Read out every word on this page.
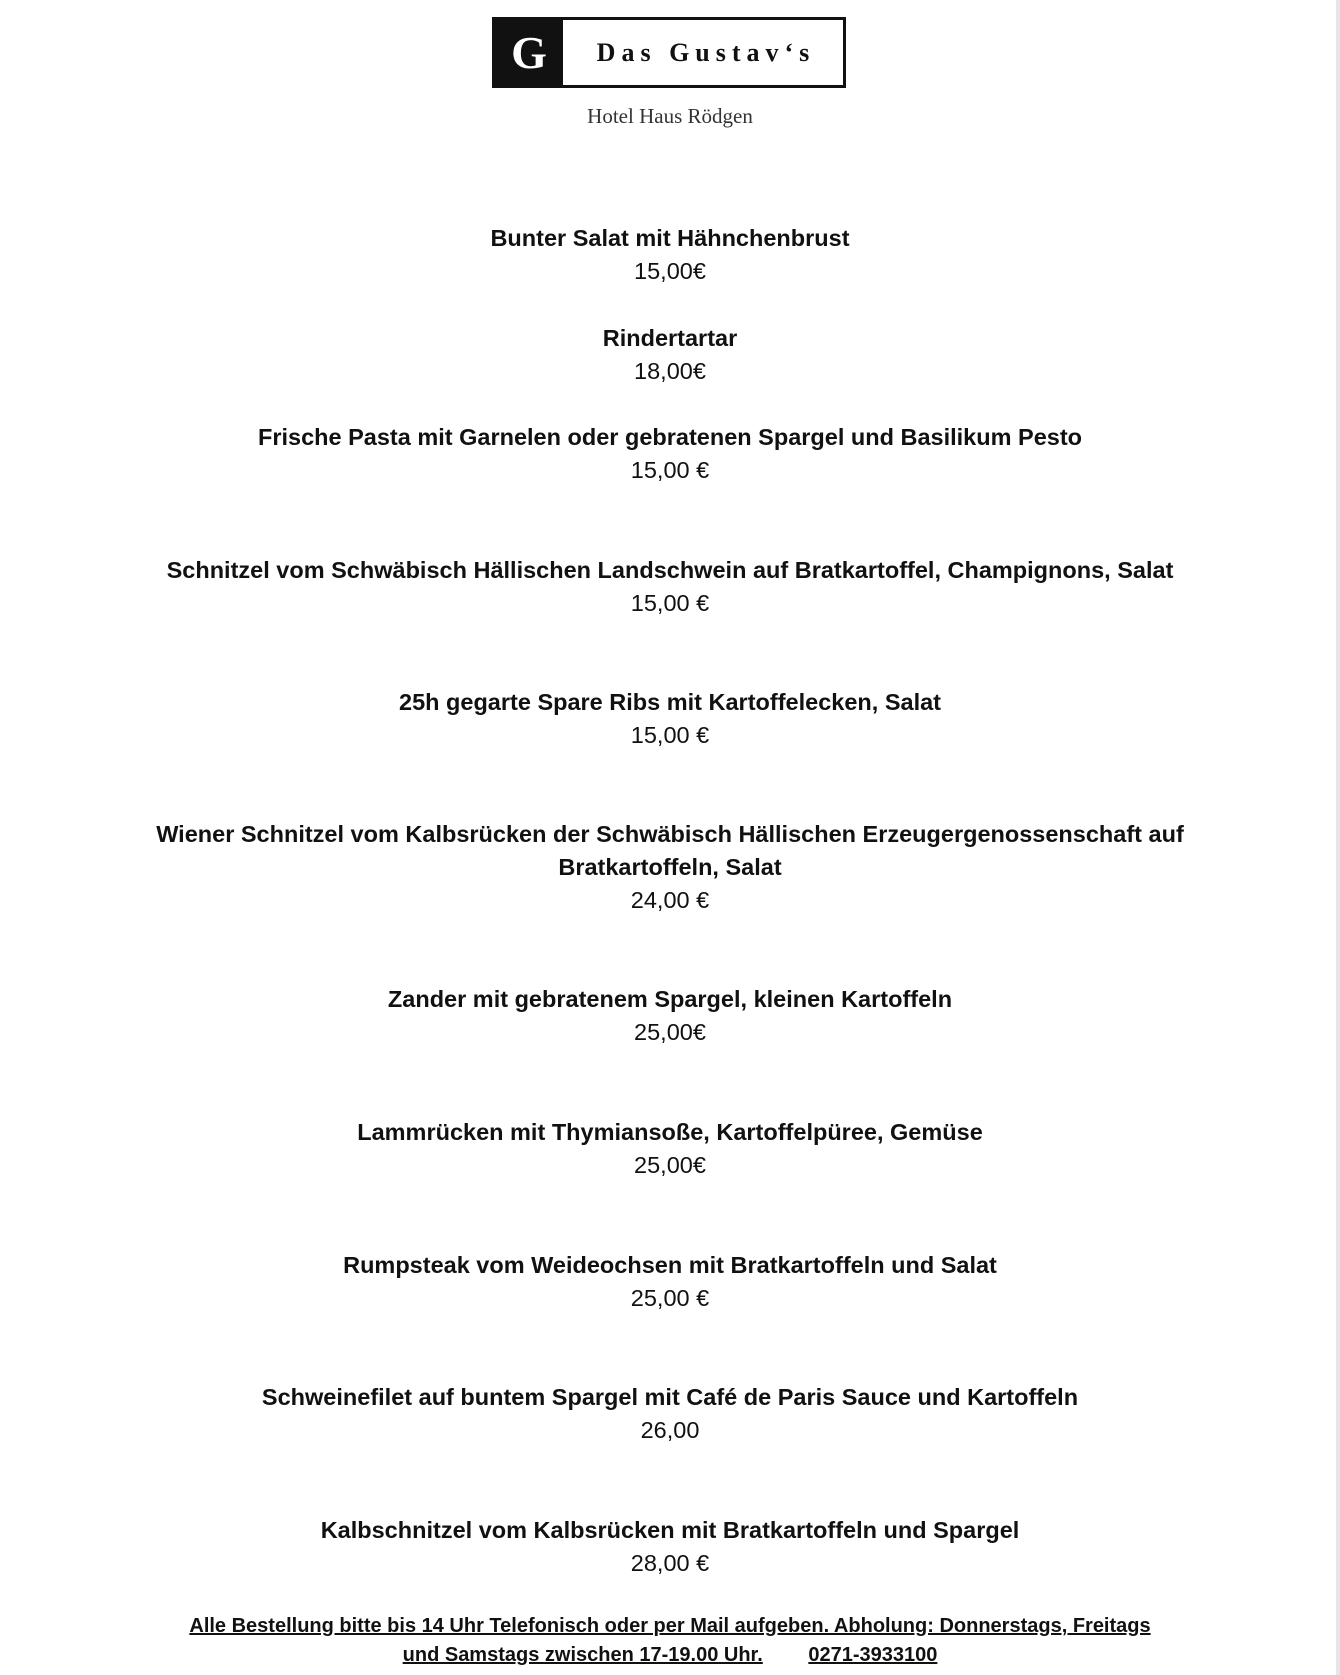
G	Das Gustav‘s
Hotel Haus Rödgen
Bunter Salat mit Hähnchenbrust
15,00€
Rindertartar
18,00€
Frische Pasta mit Garnelen oder gebratenen Spargel und Basilikum Pesto
15,00 €
Schnitzel vom Schwäbisch Hällischen Landschwein auf Bratkartoffel, Champignons, Salat
15,00 €
25h gegarte Spare Ribs mit Kartoffelecken, Salat
15,00 €
Wiener Schnitzel vom Kalbsrücken der Schwäbisch Hällischen Erzeugergenossenschaft auf
Bratkartoffeln, Salat
24,00 €
Zander mit gebratenem Spargel, kleinen Kartoffeln
25,00€
Lammrücken mit Thymiansoße, Kartoffelpüree, Gemüse
25,00€
Rumpsteak vom Weideochsen mit Bratkartoffeln und Salat
25,00 €
Schweinefilet auf buntem Spargel mit Café de Paris Sauce und Kartoffeln
26,00
Kalbschnitzel vom Kalbsrücken mit Bratkartoffeln und Spargel
28,00 €
Alle Bestellung bitte bis 14 Uhr Telefonisch oder per Mail aufgeben. Abholung: Donnerstags, Freitags
und Samstags zwischen 17-19.00 Uhr. 0271-3933100
